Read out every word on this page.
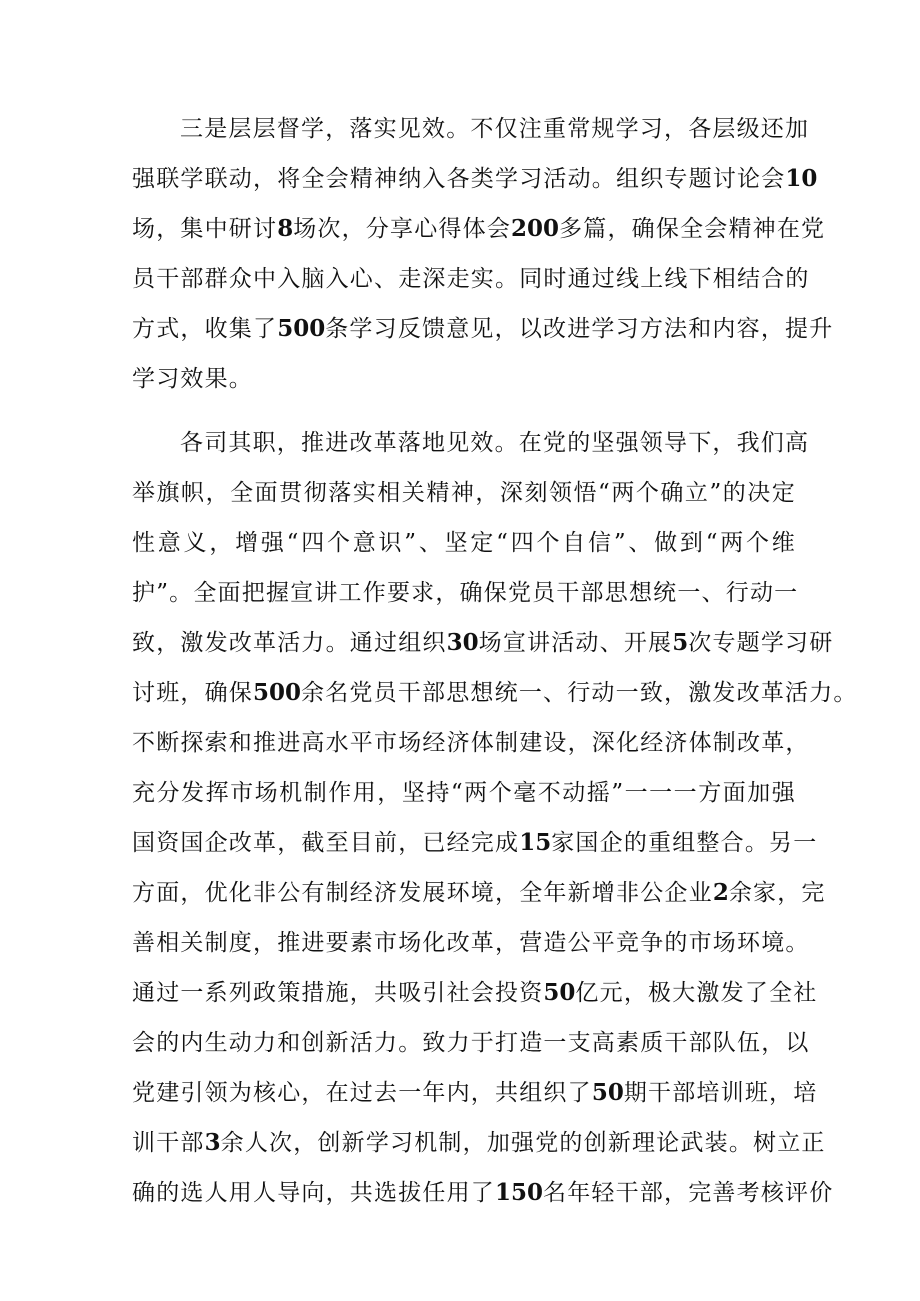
三是层层督学，落实见效。不仅注重常规学习，各层级还加
强联学联动，将全会精神纳入各类学习活动。组织专题讨论会10
场，集中研讨8场次，分享心得体会200多篇，确保全会精神在党
员干部群众中入脑入心、走深走实。同时通过线上线下相结合的
方式，收集了500条学习反馈意见，以改进学习方法和内容，提升
学习效果。
各司其职，推进改革落地见效。在党的坚强领导下，我们高
举旗帜，全面贯彻落实相关精神，深刻领悟“两个确立”的决定
性意义，增强“四个意识”、坚定“四个自信”、做到“两个维
护”。全面把握宣讲工作要求，确保党员干部思想统一、行动一
致，激发改革活力。通过组织30场宣讲活动、开展5次专题学习研
讨班，确保500余名党员干部思想统一、行动一致，激发改革活力。
不断探索和推进高水平市场经济体制建设，深化经济体制改革，
充分发挥市场机制作用，坚持“两个毫不动摇”一一一方面加强
国资国企改革，截至目前，已经完成15家国企的重组整合。另一
方面，优化非公有制经济发展环境，全年新增非公企业2余家，完
善相关制度，推进要素市场化改革，营造公平竞争的市场环境。
通过一系列政策措施，共吸引社会投资50亿元，极大激发了全社
会的内生动力和创新活力。致力于打造一支高素质干部队伍，以
党建引领为核心，在过去一年内，共组织了50期干部培训班，培
训干部3余人次，创新学习机制，加强党的创新理论武装。树立正
确的选人用人导向，共选拔任用了150名年轻干部，完善考核评价
